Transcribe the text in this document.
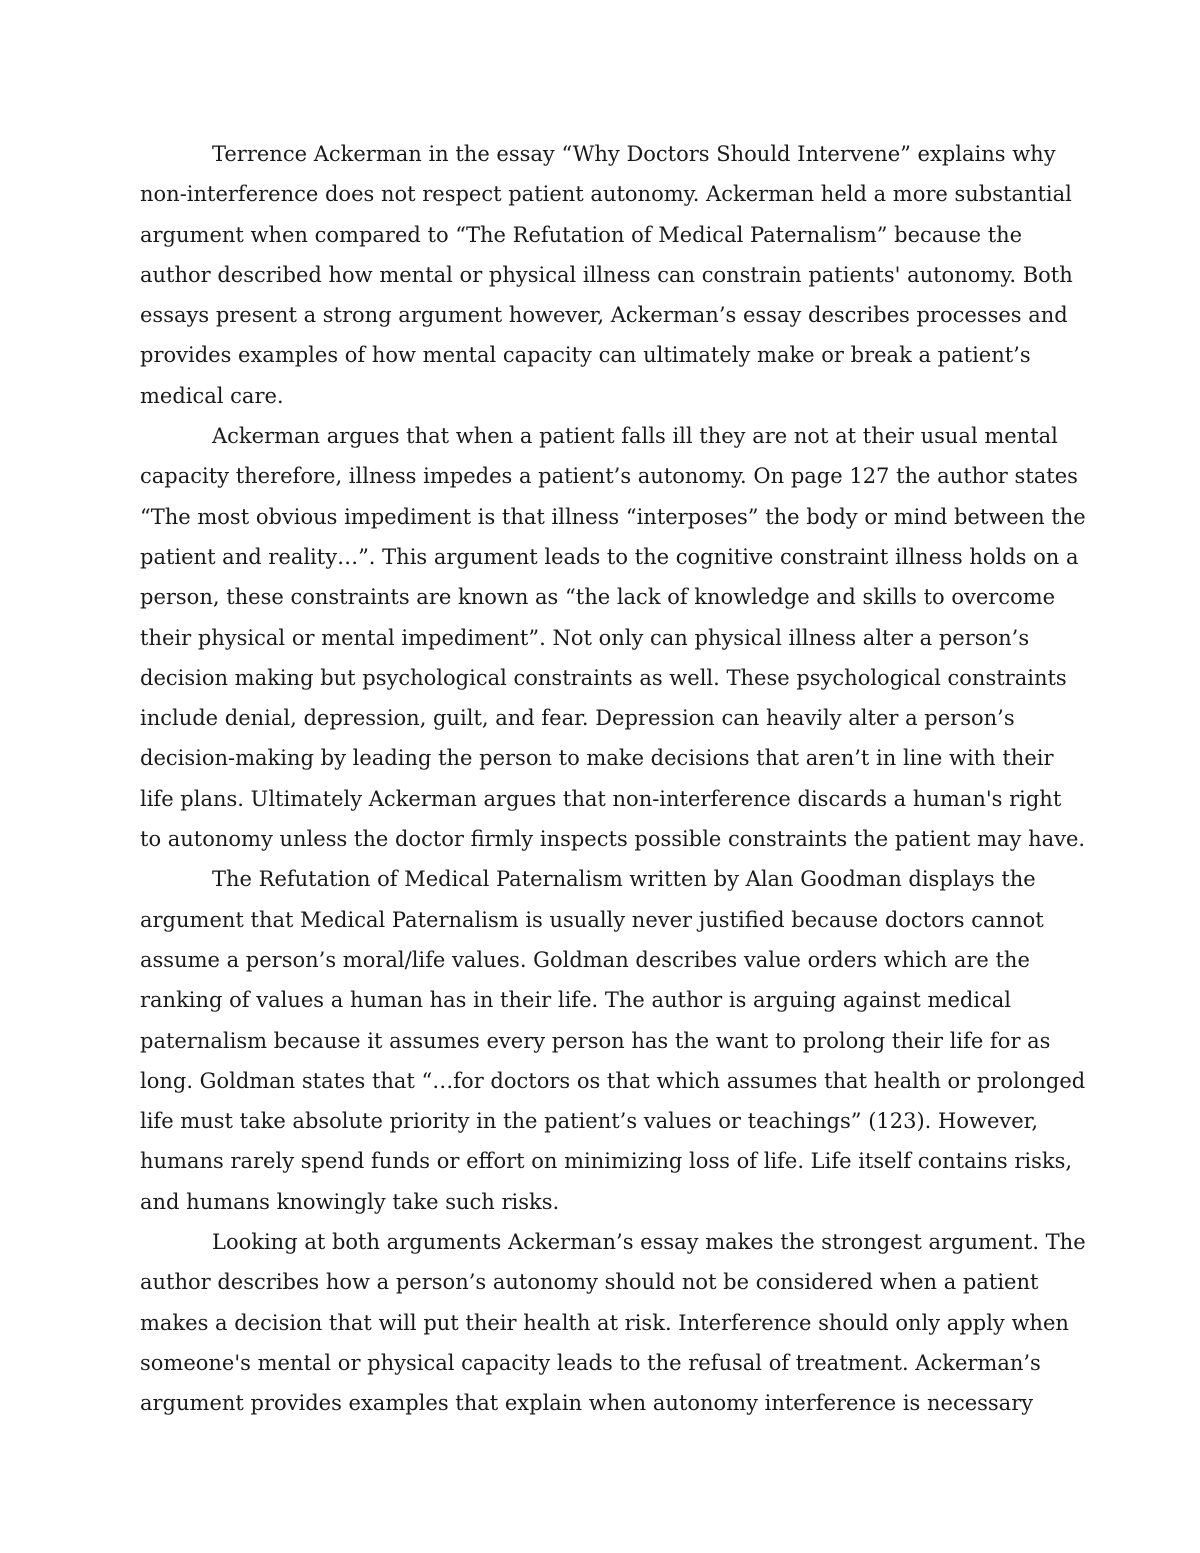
Terrence Ackerman in the essay “Why Doctors Should Intervene” explains why
non-interference does not respect patient autonomy. Ackerman held a more substantial
argument when compared to “The Refutation of Medical Paternalism” because the
author described how mental or physical illness can constrain patients' autonomy. Both
essays present a strong argument however, Ackerman’s essay describes processes and
provides examples of how mental capacity can ultimately make or break a patient’s
medical care.

Ackerman argues that when a patient falls ill they are not at their usual mental
capacity therefore, illness impedes a patient’s autonomy. On page 127 the author states
“The most obvious impediment is that illness “interposes” the body or mind between the
patient and reality…”. This argument leads to the cognitive constraint illness holds on a
person, these constraints are known as “the lack of knowledge and skills to overcome
their physical or mental impediment”. Not only can physical illness alter a person’s
decision making but psychological constraints as well. These psychological constraints
include denial, depression, guilt, and fear. Depression can heavily alter a person’s
decision-making by leading the person to make decisions that aren’t in line with their
life plans. Ultimately Ackerman argues that non-interference discards a human's right
to autonomy unless the doctor firmly inspects possible constraints the patient may have.

The Refutation of Medical Paternalism written by Alan Goodman displays the
argument that Medical Paternalism is usually never justified because doctors cannot
assume a person’s moral/life values. Goldman describes value orders which are the
ranking of values a human has in their life. The author is arguing against medical
paternalism because it assumes every person has the want to prolong their life for as
long. Goldman states that “…for doctors os that which assumes that health or prolonged
life must take absolute priority in the patient’s values or teachings” (123). However,
humans rarely spend funds or effort on minimizing loss of life. Life itself contains risks,
and humans knowingly take such risks.

Looking at both arguments Ackerman’s essay makes the strongest argument. The
author describes how a person’s autonomy should not be considered when a patient
makes a decision that will put their health at risk. Interference should only apply when
someone's mental or physical capacity leads to the refusal of treatment. Ackerman’s
argument provides examples that explain when autonomy interference is necessary
